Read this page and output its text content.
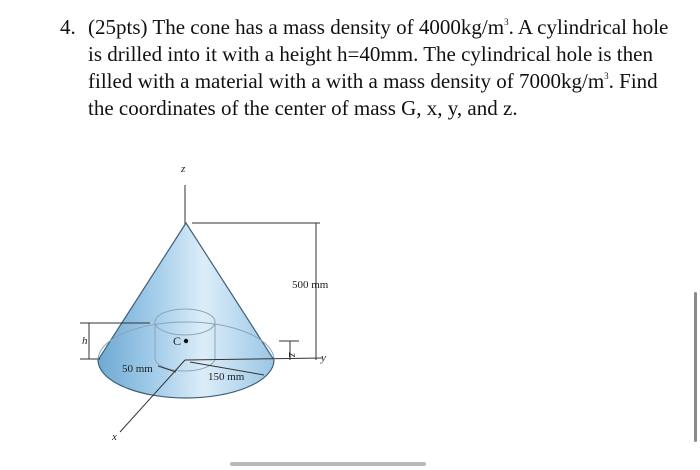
4. (25pts) The cone has a mass density of $4000kg/m^3$. A cylindrical hole is drilled into it with a height h=40mm. The cylindrical hole is then filled with a material with a with a mass density of $7000kg/m^3$. Find the coordinates of the center of mass G, x, y, and z.
z
x
y
C
h
500 mm
z̅
50 mm
150 mm
